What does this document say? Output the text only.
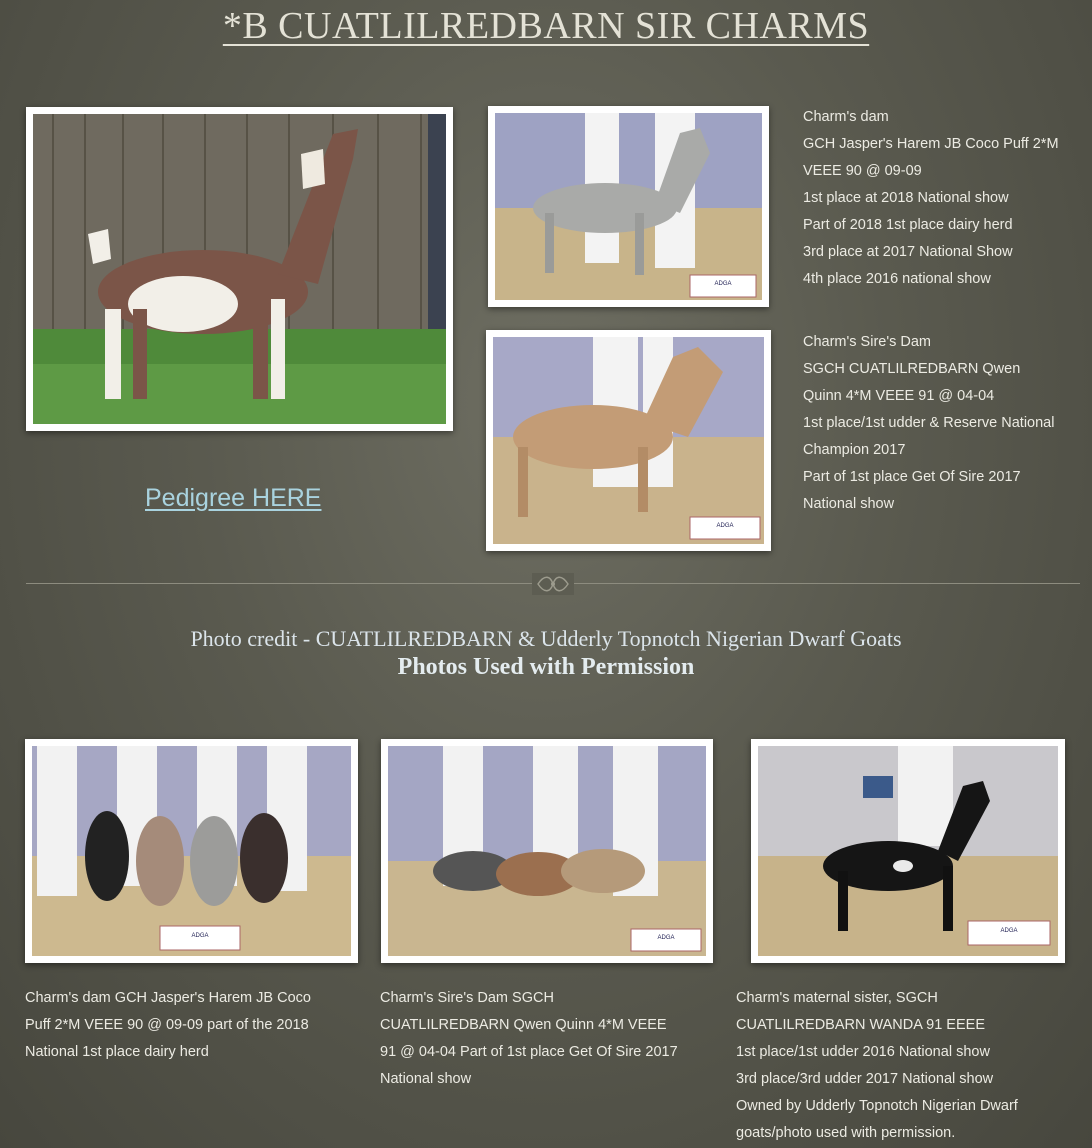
*B CUATLILREDBARN SIR CHARMS
Pedigree HERE
ADGA
ADGA
Charm's dam
GCH Jasper's Harem JB Coco Puff 2*M
VEEE 90 @ 09-09
1st place at 2018 National show
Part of 2018 1st place dairy herd
3rd place at 2017 National Show
4th place 2016 national show
Charm's Sire's Dam
SGCH CUATLILREDBARN Qwen
Quinn 4*M VEEE 91 @ 04-04
1st place/1st udder & Reserve National
Champion 2017
Part of 1st place Get Of Sire 2017
National show
Photo credit - CUATLILREDBARN & Udderly Topnotch Nigerian Dwarf Goats
Photos Used with Permission
ADGA	ADGA
ADGA
Charm's dam GCH Jasper's Harem JB Coco
Puff 2*M VEEE 90 @ 09-09 part of the 2018
National 1st place dairy herd
Charm's Sire's Dam SGCH
CUATLILREDBARN Qwen Quinn 4*M VEEE
91 @ 04-04 Part of 1st place Get Of Sire 2017
National show
Charm's maternal sister, SGCH
CUATLILREDBARN WANDA 91 EEEE
1st place/1st udder 2016 National show
3rd place/3rd udder 2017 National show
Owned by Udderly Topnotch Nigerian Dwarf
goats/photo used with permission.
